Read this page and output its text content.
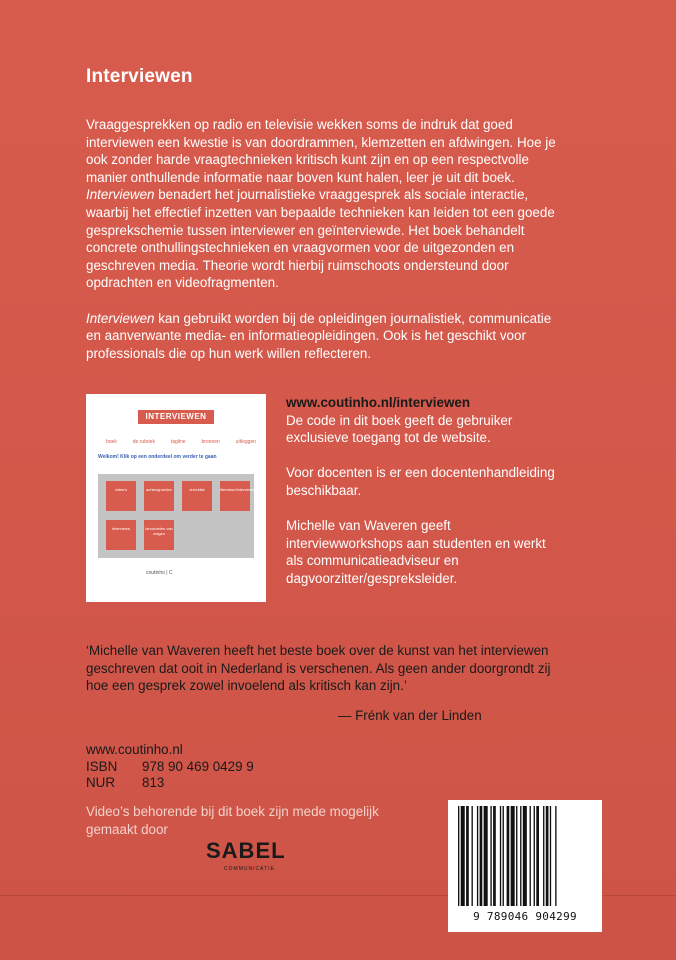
Interviewen

Vraaggesprekken op radio en televisie wekken soms de indruk dat goed interviewen een kwestie is van doordrammen, klemzetten en afdwingen. Hoe je ook zonder harde vraagtechnieken kritisch kunt zijn en op een respectvolle manier onthullende informatie naar boven kunt halen, leer je uit dit boek.

Interviewen benadert het journalistieke vraaggesprek als sociale interactie, waarbij het effectief inzetten van bepaalde technieken kan leiden tot een goede gesprekschemie tussen interviewer en geïnterviewde. Het boek behandelt concrete onthullingstechnieken en vraagvormen voor de uitgezonden en geschreven media. Theorie wordt hierbij ruimschoots ondersteund door opdrachten en videofragmenten.

Interviewen kan gebruikt worden bij de opleidingen journalistiek, communicatie en aanverwante media- en informatieopleidingen. Ook is het geschikt voor professionals die op hun werk willen reflecteren.

INTERVIEWEN
boek	de rubriek	tagline	bronnen	uitleggen
Welkom! Klik op een onderdeel om verder te gaan
video's	achtergronden	checklist	literatuur/interviews
interviews	beoordelen van vragen
coutinho | C

www.coutinho.nl/interviewen

De code in dit boek geeft de gebruiker exclusieve toegang tot de website.

Voor docenten is er een docentenhandleiding beschikbaar.

Michelle van Waveren geeft interviewworkshops aan studenten en werkt als communicatieadviseur en dagvoorzitter/gespreksleider.

‘Michelle van Waveren heeft het beste boek over de kunst van het interviewen geschreven dat ooit in Nederland is verschenen. Als geen ander doorgrondt zij hoe een gesprek zowel invoelend als kritisch kan zijn.’
— Frénk van der Linden
www.coutinho.nl
ISBN	978 90 469 0429 9
NUR	813
Video’s behorende bij dit boek zijn mede mogelijk gemaakt door
SABEL
COMMUNICATIE
9 789046 904299
